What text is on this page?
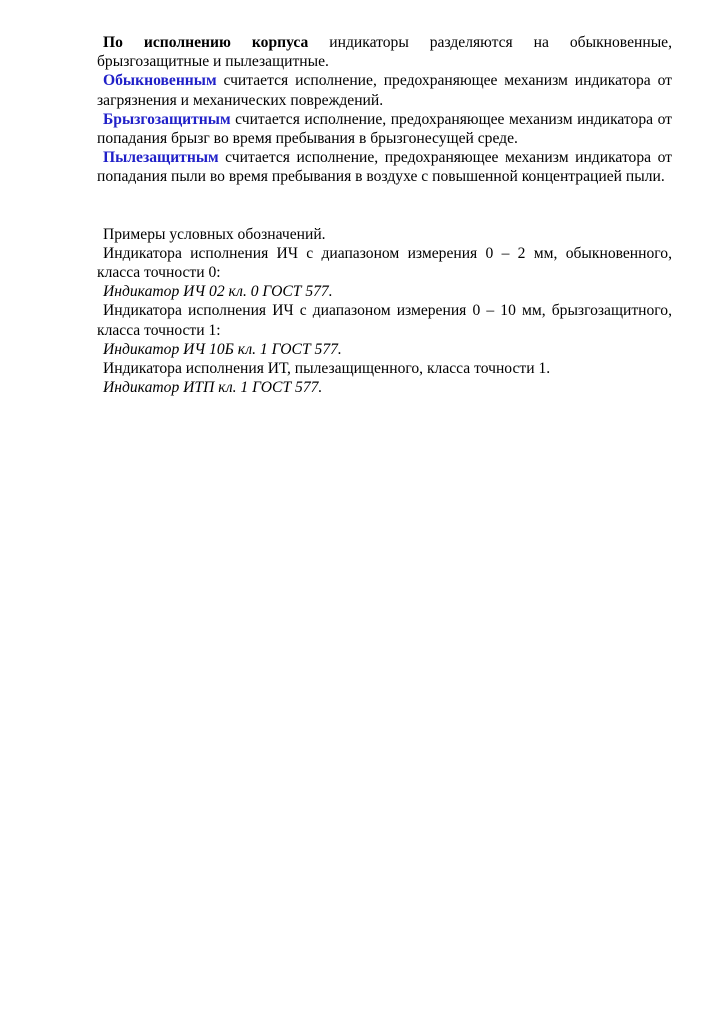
По исполнению корпуса индикаторы разделяются на обыкновенные, брызгозащитные и пылезащитные.

Обыкновенным считается исполнение, предохраняющее механизм индикатора от загрязнения и механических повреждений.

Брызгозащитным считается исполнение, предохраняющее механизм индикатора от попадания брызг во время пребывания в брызгонесущей среде.

Пылезащитным считается исполнение, предохраняющее механизм индикатора от попадания пыли во время пребывания в воздухе с повышенной концентрацией пыли.

Примеры условных обозначений.

Индикатора исполнения ИЧ с диапазоном измерения 0 – 2 мм, обыкновенного, класса точности 0:

Индикатор ИЧ 02 кл. 0 ГОСТ 577.

Индикатора исполнения ИЧ с диапазоном измерения 0 – 10 мм, брызгозащитного, класса точности 1:

Индикатор ИЧ 10Б кл. 1 ГОСТ 577.

Индикатора исполнения ИТ, пылезащищенного, класса точности 1.

Индикатор ИТП кл. 1 ГОСТ 577.
